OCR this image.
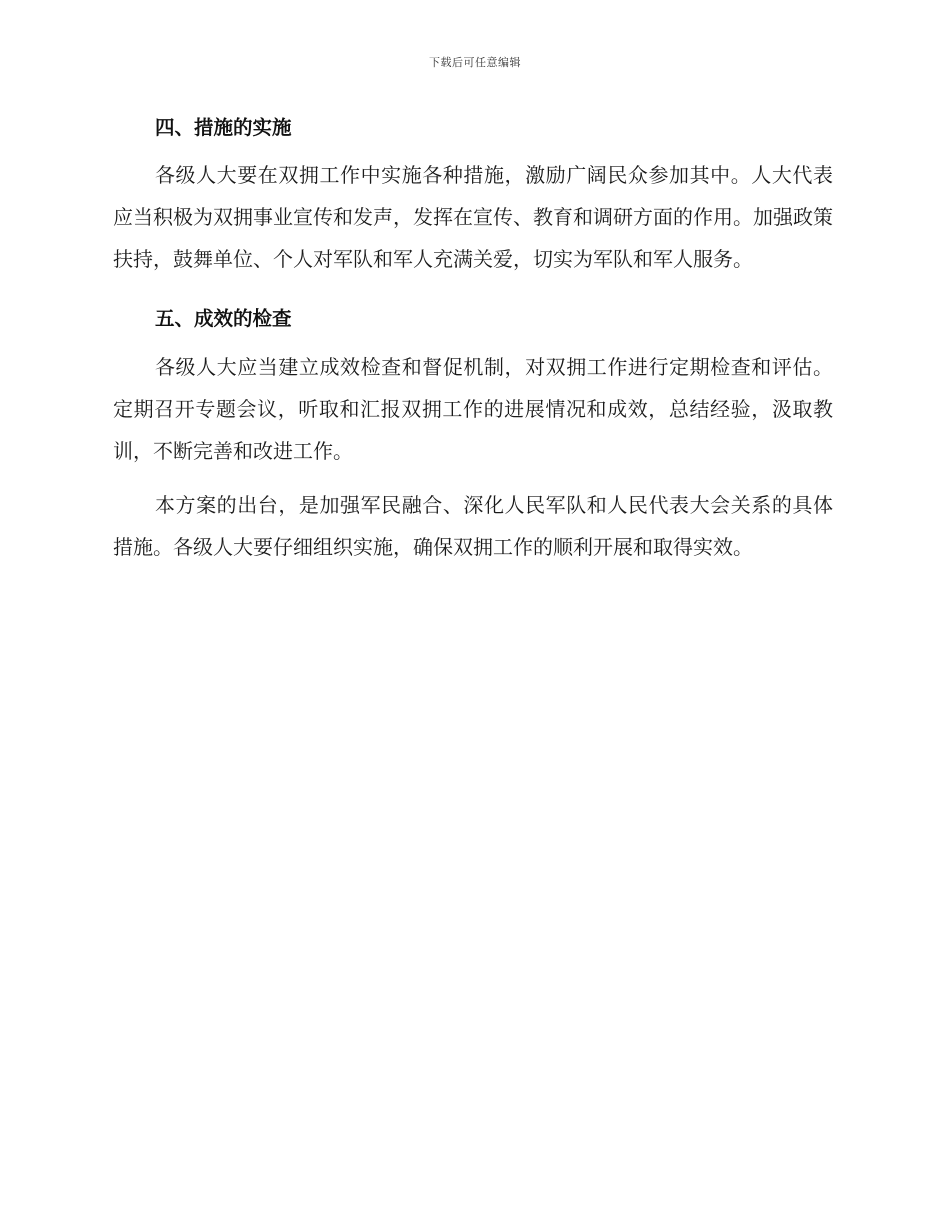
下载后可任意编辑
四、措施的实施

各级人大要在双拥工作中实施各种措施，激励广阔民众参加其中。人大代表应当积极为双拥事业宣传和发声，发挥在宣传、教育和调研方面的作用。加强政策扶持，鼓舞单位、个人对军队和军人充满关爱，切实为军队和军人服务。

五、成效的检查

各级人大应当建立成效检查和督促机制，对双拥工作进行定期检查和评估。定期召开专题会议，听取和汇报双拥工作的进展情况和成效，总结经验，汲取教训，不断完善和改进工作。

本方案的出台，是加强军民融合、深化人民军队和人民代表大会关系的具体措施。各级人大要仔细组织实施，确保双拥工作的顺利开展和取得实效。
